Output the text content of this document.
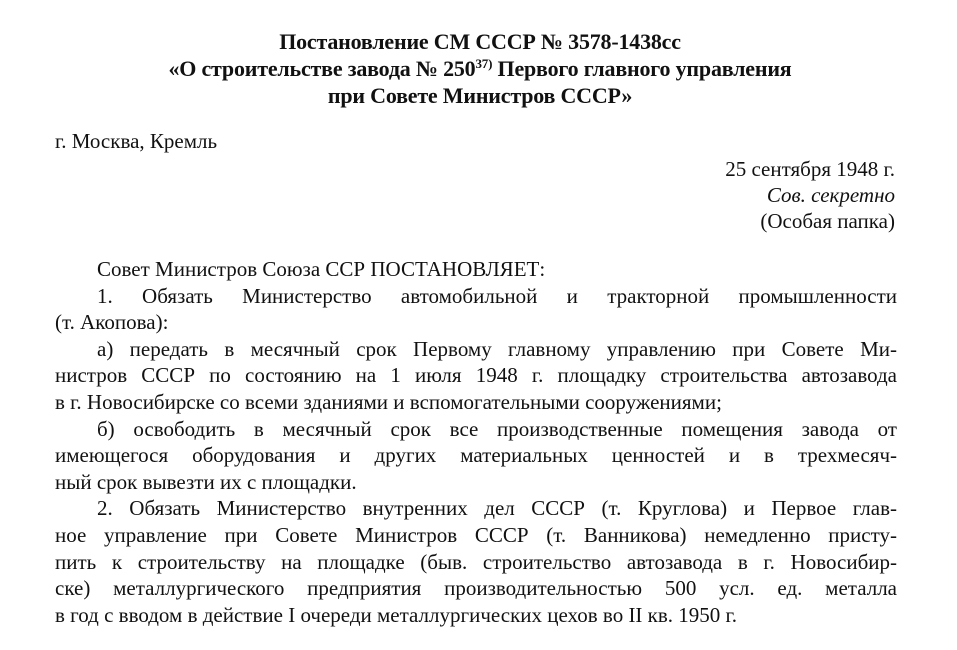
Постановление СМ СССР № 3578-1438сс
«О строительстве завода № 250$^{37)}$ Первого главного управления
при Совете Министров СССР»
г. Москва, Кремль
25 сентября 1948 г.
Сов. секретно
(Особая папка)
Совет Министров Союза ССР ПОСТАНОВЛЯЕТ:
1. Обязать Министерство автомобильной и тракторной промышленности
(т. Акопова):
а) передать в месячный срок Первому главному управлению при Совете Ми-
нистров СССР по состоянию на 1 июля 1948 г. площадку строительства автозавода
в г. Новосибирске со всеми зданиями и вспомогательными сооружениями;
б) освободить в месячный срок все производственные помещения завода от
имеющегося оборудования и других материальных ценностей и в трехмесяч-
ный срок вывезти их с площадки.
2. Обязать Министерство внутренних дел СССР (т. Круглова) и Первое глав-
ное управление при Совете Министров СССР (т. Ванникова) немедленно присту-
пить к строительству на площадке (быв. строительство автозавода в г. Новосибир-
ске) металлургического предприятия производительностью 500 усл. ед. металла
в год с вводом в действие I очереди металлургических цехов во II кв. 1950 г.
